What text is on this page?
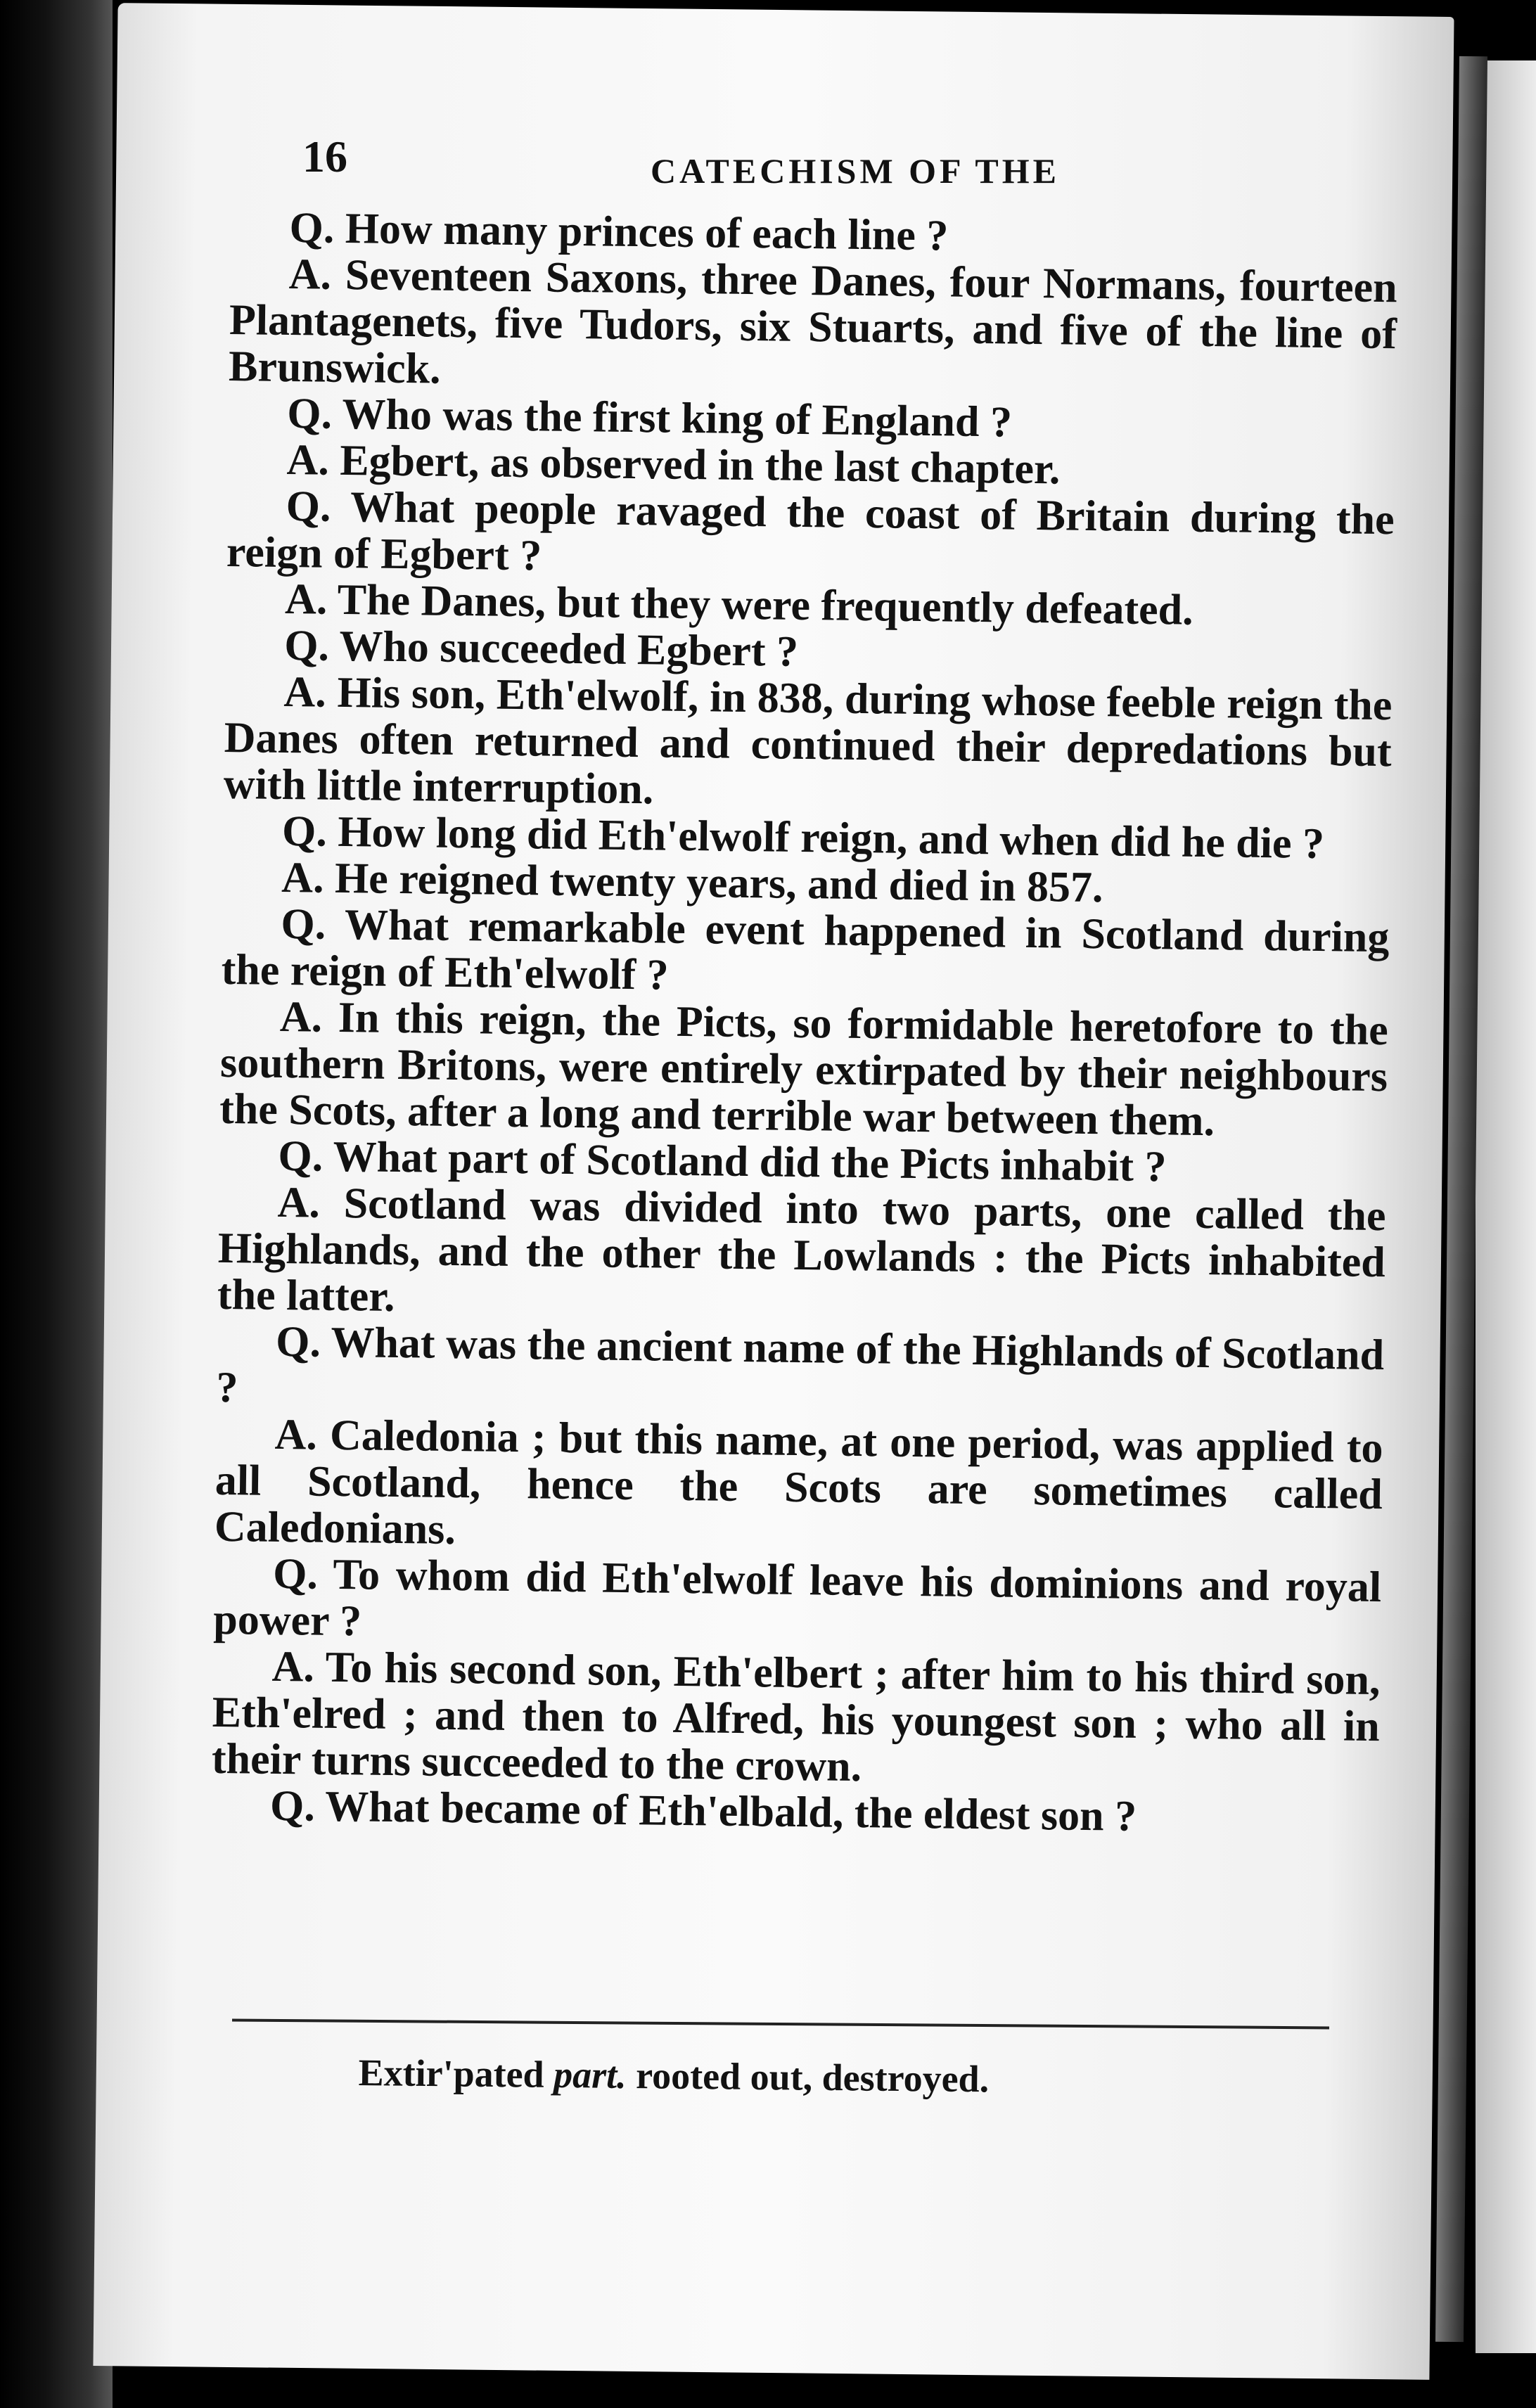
16	CATECHISM OF THE

Q. How many princes of each line ?

A. Seventeen Saxons, three Danes, four Normans, fourteen Plantagenets, five Tudors, six Stuarts, and five of the line of Brunswick.

Q. Who was the first king of England ?

A. Egbert, as observed in the last chapter.

Q. What people ravaged the coast of Britain during the reign of Egbert ?

A. The Danes, but they were frequently defeated.

Q. Who succeeded Egbert ?

A. His son, Eth'elwolf, in 838, during whose feeble reign the Danes often returned and continued their depredations but with little interruption.

Q. How long did Eth'elwolf reign, and when did he die ?

A. He reigned twenty years, and died in 857.

Q. What remarkable event happened in Scotland during the reign of Eth'elwolf ?

A. In this reign, the Picts, so formidable heretofore to the southern Britons, were entirely extirpated by their neighbours the Scots, after a long and terrible war between them.

Q. What part of Scotland did the Picts inhabit ?

A. Scotland was divided into two parts, one called the Highlands, and the other the Lowlands : the Picts inhabited the latter.

Q. What was the ancient name of the Highlands of Scotland ?

A. Caledonia ; but this name, at one period, was applied to all Scotland, hence the Scots are sometimes called Caledonians.

Q. To whom did Eth'elwolf leave his dominions and royal power ?

A. To his second son, Eth'elbert ; after him to his third son, Eth'elred ; and then to Alfred, his youngest son ; who all in their turns succeeded to the crown.

Q. What became of Eth'elbald, the eldest son ?

Extir'pated part. rooted out, destroyed.
